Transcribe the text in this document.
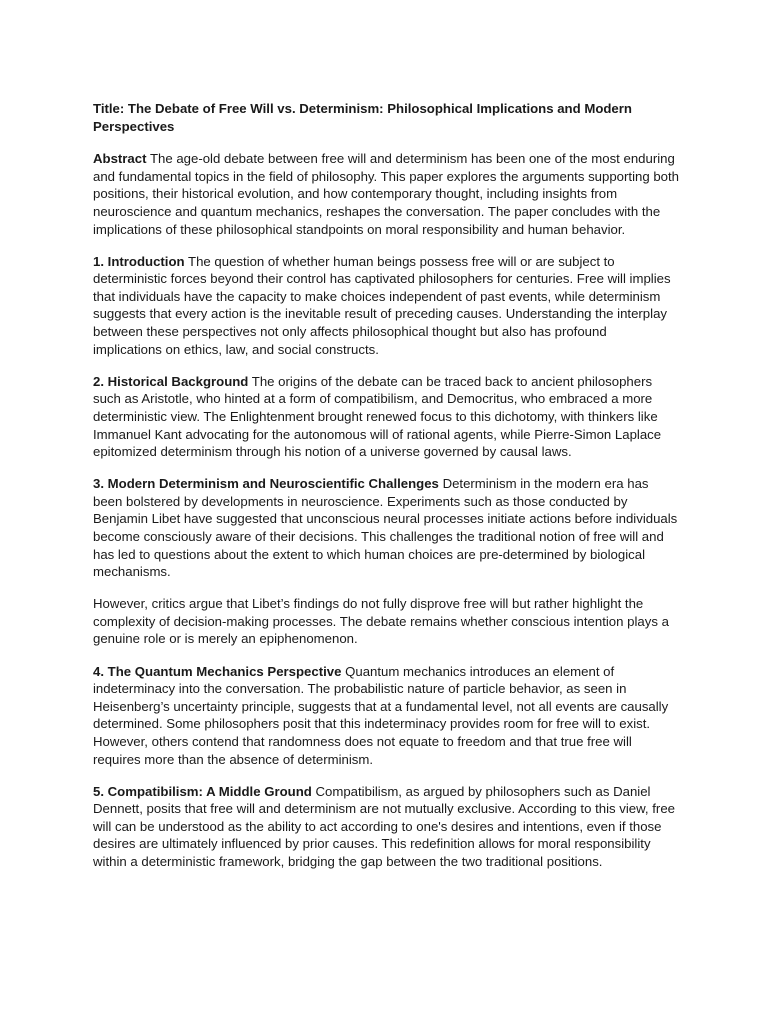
Title: The Debate of Free Will vs. Determinism: Philosophical Implications and Modern Perspectives

Abstract The age-old debate between free will and determinism has been one of the most enduring and fundamental topics in the field of philosophy. This paper explores the arguments supporting both positions, their historical evolution, and how contemporary thought, including insights from neuroscience and quantum mechanics, reshapes the conversation. The paper concludes with the implications of these philosophical standpoints on moral responsibility and human behavior.

1. Introduction The question of whether human beings possess free will or are subject to deterministic forces beyond their control has captivated philosophers for centuries. Free will implies that individuals have the capacity to make choices independent of past events, while determinism suggests that every action is the inevitable result of preceding causes. Understanding the interplay between these perspectives not only affects philosophical thought but also has profound implications on ethics, law, and social constructs.

2. Historical Background The origins of the debate can be traced back to ancient philosophers such as Aristotle, who hinted at a form of compatibilism, and Democritus, who embraced a more deterministic view. The Enlightenment brought renewed focus to this dichotomy, with thinkers like Immanuel Kant advocating for the autonomous will of rational agents, while Pierre-Simon Laplace epitomized determinism through his notion of a universe governed by causal laws.

3. Modern Determinism and Neuroscientific Challenges Determinism in the modern era has been bolstered by developments in neuroscience. Experiments such as those conducted by Benjamin Libet have suggested that unconscious neural processes initiate actions before individuals become consciously aware of their decisions. This challenges the traditional notion of free will and has led to questions about the extent to which human choices are pre-determined by biological mechanisms.

However, critics argue that Libet’s findings do not fully disprove free will but rather highlight the complexity of decision-making processes. The debate remains whether conscious intention plays a genuine role or is merely an epiphenomenon.

4. The Quantum Mechanics Perspective Quantum mechanics introduces an element of indeterminacy into the conversation. The probabilistic nature of particle behavior, as seen in Heisenberg’s uncertainty principle, suggests that at a fundamental level, not all events are causally determined. Some philosophers posit that this indeterminacy provides room for free will to exist. However, others contend that randomness does not equate to freedom and that true free will requires more than the absence of determinism.

5. Compatibilism: A Middle Ground Compatibilism, as argued by philosophers such as Daniel Dennett, posits that free will and determinism are not mutually exclusive. According to this view, free will can be understood as the ability to act according to one's desires and intentions, even if those desires are ultimately influenced by prior causes. This redefinition allows for moral responsibility within a deterministic framework, bridging the gap between the two traditional positions.
